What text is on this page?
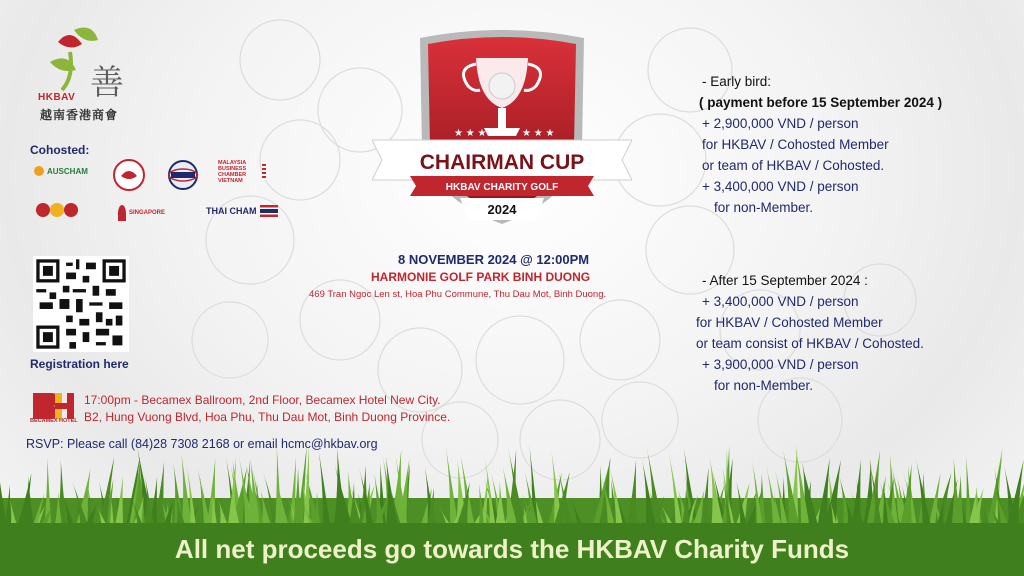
善
HKBAV
越南香港商會
Cohosted:
AUSCHAM
MALAYSIA BUSINESS CHAMBER VIETNAM
SINGAPORE	THAI CHAM
Registration here
BECAMEX HOTEL
17:00pm - Becamex Ballroom, 2nd Floor, Becamex Hotel New City.
B2, Hung Vuong Blvd, Hoa Phu, Thu Dau Mot, Binh Duong Province.
RSVP: Please call (84)28 7308 2168 or email hcmc@hkbav.org
★ ★ ★	★ ★ ★
CHAIRMAN CUP
HKBAV CHARITY GOLF
2024
8 NOVEMBER 2024 @ 12:00PM
HARMONIE GOLF PARK BINH DUONG
469 Tran Ngoc Len st, Hoa Phu Commune, Thu Dau Mot, Binh Duong.
- Early bird:
( payment before 15 September 2024 )
+ 2,900,000 VND / person
for HKBAV / Cohosted Member
or team of HKBAV / Cohosted.
+ 3,400,000 VND / person
for non-Member.
- After 15 September 2024 :
+ 3,400,000 VND / person
for HKBAV / Cohosted Member
or team consist of HKBAV / Cohosted.
+ 3,900,000 VND / person
for non-Member.
All net proceeds go towards the HKBAV Charity Funds
